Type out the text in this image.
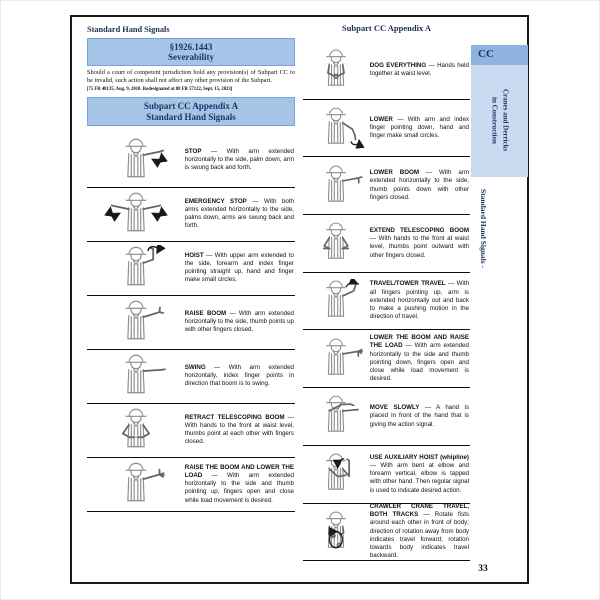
Standard Hand Signals

§1926.1443
Severability

Should a court of competent jurisdiction hold any provision(s) of Subpart CC to be invalid, such action shall not affect any other provision of the Subpart.

[75 FR 48135, Aug. 9, 2010. Redesignated at 88 FR 57122, Sept. 15, 2023]

Subpart CC Appendix A
Standard Hand Signals

STOP — With arm extended horizontally to the side, palm down, arm is swung back and forth.

EMERGENCY STOP — With both arms extended horizontally to the side, palms down, arms are swung back and forth.

HOIST — With upper arm extended to the side, forearm and index finger pointing straight up, hand and finger make small circles.

RAISE BOOM — With arm extended horizontally to the side, thumb points up with other fingers closed.

SWING — With arm extended horizontally, index finger points in direction that boom is to swing.

RETRACT TELESCOPING BOOM — With hands to the front at waist level, thumbs point at each other with fingers closed.

RAISE THE BOOM AND LOWER THE LOAD — With arm extended horizontally to the side and thumb pointing up, fingers open and close while load movement is desired.

Subpart CC Appendix A

DOG EVERYTHING — Hands held together at waist level.

LOWER — With arm and index finger pointing down, hand and finger make small circles.

LOWER BOOM — With arm extended horizontally to the side, thumb points down with other fingers closed.

EXTEND TELESCOPING BOOM — With hands to the front at waist level, thumbs point outward with other fingers closed.

TRAVEL/TOWER TRAVEL — With all fingers pointing up, arm is extended horizontally out and back to make a pushing motion in the direction of travel.

LOWER THE BOOM AND RAISE THE LOAD — With arm extended horizontally to the side and thumb pointing down, fingers open and close while load movement is desired.

MOVE SLOWLY — A hand is placed in front of the hand that is giving the action signal.

USE AUXILIARY HOIST (whipline) — With arm bent at elbow and forearm vertical, elbow is tapped with other hand. Then regular signal is used to indicate desired action.

CRAWLER CRANE TRAVEL, BOTH TRACKS — Rotate fists around each other in front of body; direction of rotation away from body indicates travel forward; rotation towards body indicates travel backward.

CC
Cranes and Derricks
in Construction
Standard Hand Signals -
33
